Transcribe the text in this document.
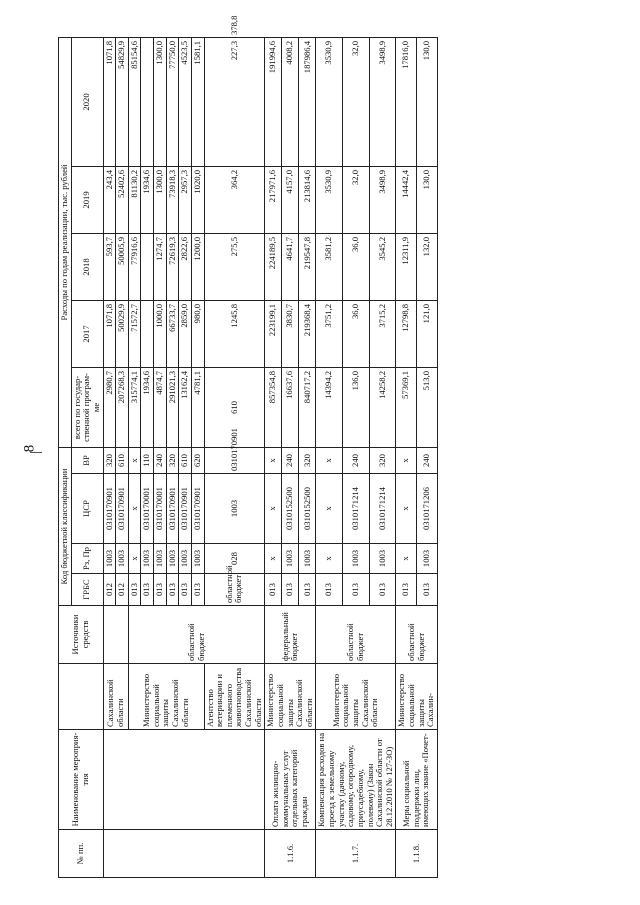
8
№ пп.	Наименование мероприя-тия		Источники средств	Код бюджетной классификации				Расходы по годам реализации, тыс. рублей					
				ГРБС	Рз, Пр	ЦСР	ВР	всего по государ-ственной програм-ме	2017	2018	2019	2020	
		Сахалинской области		012	1003	0310170901	320	2980,7	1071,8	593,7	243,4	1071,8	
				012	1003	0310170901	610	207268,3	50029,9	50005,9	52402,6	54829,9	
		Министерство социальной защиты Сахалинской области	областной бюджет	013	х	х	х	315774,1	71572,7	77916,6	81130,2	85154,6	
				013	1003	0310170001	110	1934,6			1934,6		
				013	1003	0310170001	240	4874,7	1000,0	1274,7	1300,0	1300,0	
				013	1003	0310170901	320	291021,3	66733,7	72619,3	73918,3	77750,0	
				013	1003	0310170901	610	13162,4	2859,0	2822,6	2957,3	4523,5	
				013	1003	0310170901	620	4781,1	980,0	1200,0	1020,0	1581,1	
		Агентство ветеринарии и племенного животноводства Сахалинской области		областной бюджет	028	1003	0310170901	610	1245,8	275,5	364,2	227,3	378,8
1.1.6.	Оплата жилищно-коммунальных услуг отдельных категорий граждан	Министерство социальной защиты Сахалинской области	федеральный бюджет	013	х	х	х	857354,8	223199,1	224189,5	217971,6	191994,6	
				013	1003	0310152500	240	16637,6	3830,7	4641,7	4157,0	4008,2	
				013	1003	0310152500	320	840717,2	219368,4	219547,8	213814,6	187986,4	
1.1.7.	Компенсация расходов на проезд к земельному участку (дачному, садовому, огородному, приусадебному, полевому) (Закон Сахалинской области от 28.12.2010 № 127-ЗО)	Министерство социальной защиты Сахалинской области	областной бюджет	013	х	х	х	14394,2	3751,2	3581,2	3530,9	3530,9	
				013	1003	0310171214	240	136,0	36,0	36,0	32,0	32,0	
				013	1003	0310171214	320	14258,2	3715,2	3545,2	3498,9	3498,9	
1.1.8.	Меры социальной поддержки лиц, имеющих звание «Почет-	Министерство социальной защиты Сахалин-	областной бюджет	013	х	х	х	57369,1	12798,8	12311,9	14442,4	17816,0	
				013	1003	0310171206	240	513,0	121,0	132,0	130,0	130,0	
